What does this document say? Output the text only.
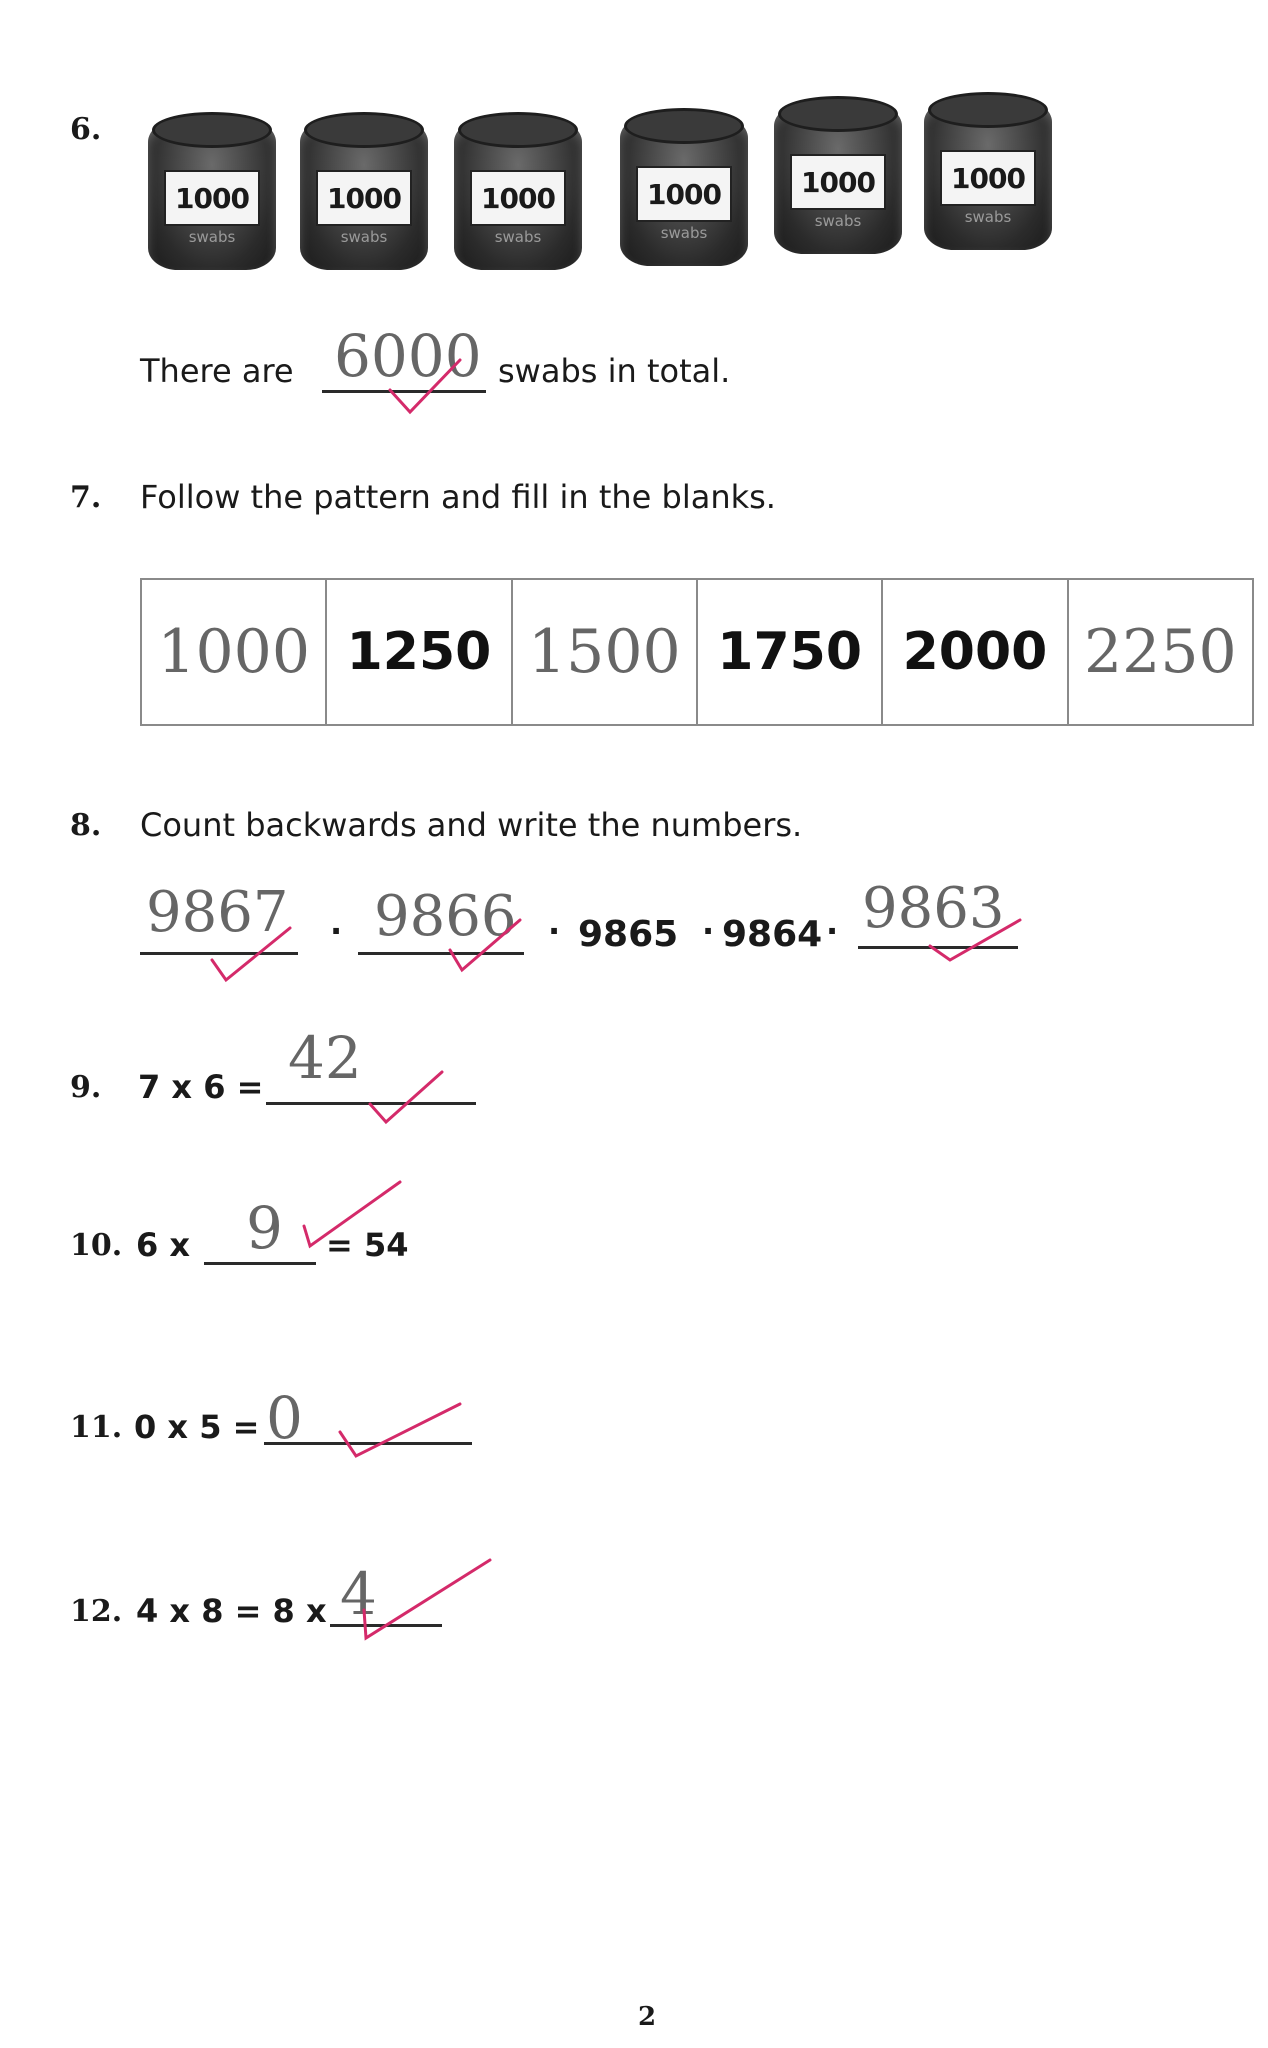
6.
1000
swabs
1000
swabs
1000
swabs
1000
swabs
1000
swabs
1000
swabs
There are 6000 swabs in total.
7. Follow the pattern and fill in the blanks.
1000	1250	1500	1750	2000	2250
8. Count backwards and write the numbers.
9867 · 9866 · 9865 · 9864 · 9863
9. 7 x 6 = 42
10. 6 x 9 = 54
11. 0 x 5 = 0
12. 4 x 8 = 8 x 4
2
